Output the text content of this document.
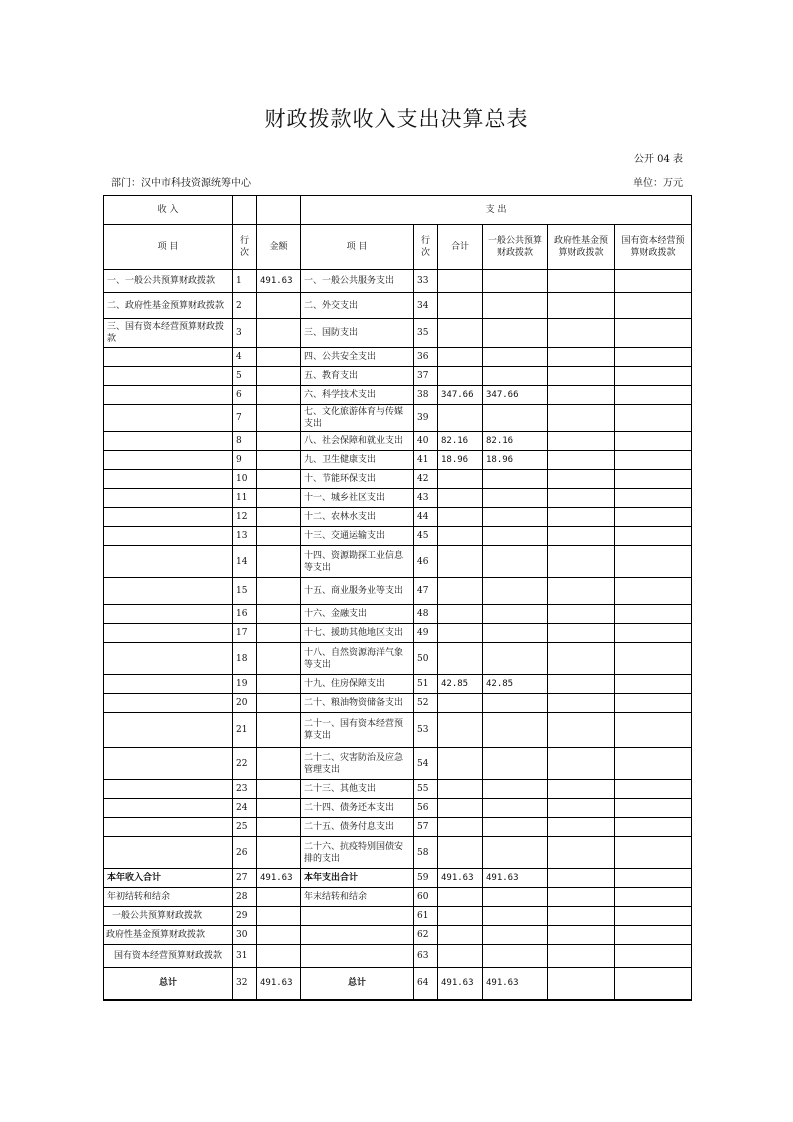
财政拨款收入支出决算总表
公开 04 表
部门：汉中市科技资源统筹中心	单位：万元
收 入			支 出					
项 目	行次	金额	项 目	行次	合计	一般公共预算财政拨款	政府性基金预算财政拨款	国有资本经营预算财政拨款
一、一般公共预算财政拨款	1	491.63	一、一般公共服务支出	33				
二、政府性基金预算财政拨款	2		二、外交支出	34				
三、国有资本经营预算财政拨款	3		三、国防支出	35				
	4		四、公共安全支出	36				
	5		五、教育支出	37				
	6		六、科学技术支出	38	347.66	347.66		
	7		七、文化旅游体育与传媒支出	39				
	8		八、社会保障和就业支出	40	82.16	82.16		
	9		九、卫生健康支出	41	18.96	18.96		
	10		十、节能环保支出	42				
	11		十一、城乡社区支出	43				
	12		十二、农林水支出	44				
	13		十三、交通运输支出	45				
	14		十四、资源勘探工业信息等支出	46				
	15		十五、商业服务业等支出	47				
	16		十六、金融支出	48				
	17		十七、援助其他地区支出	49				
	18		十八、自然资源海洋气象等支出	50				
	19		十九、住房保障支出	51	42.85	42.85		
	20		二十、粮油物资储备支出	52				
	21		二十一、国有资本经营预算支出	53				
	22		二十二、灾害防治及应急管理支出	54				
	23		二十三、其他支出	55				
	24		二十四、债务还本支出	56				
	25		二十五、债务付息支出	57				
	26		二十六、抗疫特别国债安排的支出	58				
本年收入合计	27	491.63	本年支出合计	59	491.63	491.63		
年初结转和结余	28		年末结转和结余	60				
一般公共预算财政拨款	29			61				
政府性基金预算财政拨款	30			62				
国有资本经营预算财政拨款	31			63				
总计	32	491.63	总计	64	491.63	491.63		
